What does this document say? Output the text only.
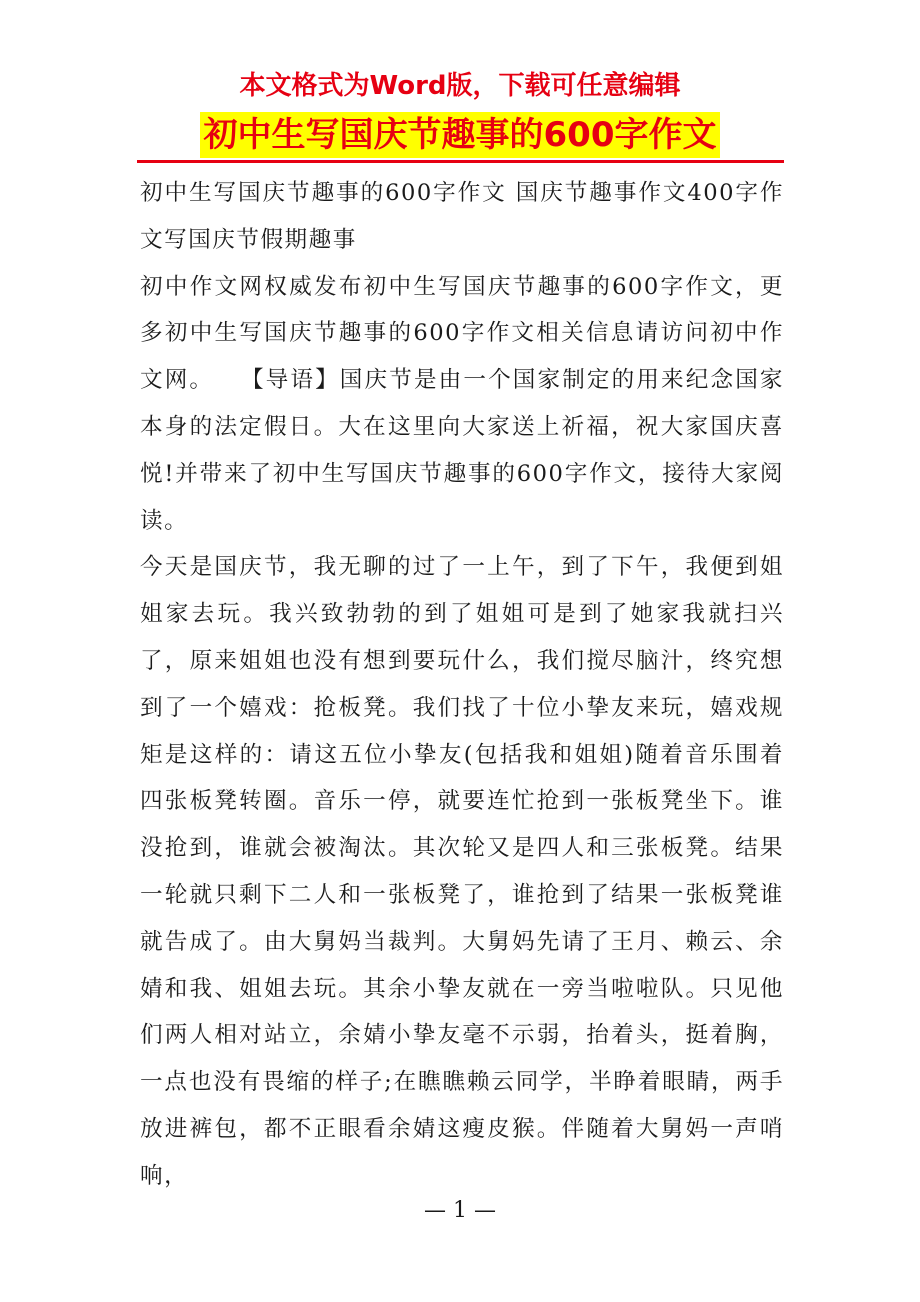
本文格式为Word版，下载可任意编辑

初中生写国庆节趣事的600字作文

初中生写国庆节趣事的600字作文 国庆节趣事作文400字作文写国庆节假期趣事

初中作文网权威发布初中生写国庆节趣事的600字作文，更多初中生写国庆节趣事的600字作文相关信息请访问初中作文网。　　【导语】国庆节是由一个国家制定的用来纪念国家本身的法定假日。大在这里向大家送上祈福，祝大家国庆喜悦!并带来了初中生写国庆节趣事的600字作文，接待大家阅读。

今天是国庆节，我无聊的过了一上午，到了下午，我便到姐姐家去玩。我兴致勃勃的到了姐姐可是到了她家我就扫兴了，原来姐姐也没有想到要玩什么，我们搅尽脑汁，终究想到了一个嬉戏：抢板凳。我们找了十位小挚友来玩，嬉戏规矩是这样的：请这五位小挚友(包括我和姐姐)随着音乐围着四张板凳转圈。音乐一停，就要连忙抢到一张板凳坐下。谁没抢到，谁就会被淘汰。其次轮又是四人和三张板凳。结果一轮就只剩下二人和一张板凳了，谁抢到了结果一张板凳谁就告成了。由大舅妈当裁判。大舅妈先请了王月、赖云、余婧和我、姐姐去玩。其余小挚友就在一旁当啦啦队。只见他们两人相对站立，余婧小挚友毫不示弱，抬着头，挺着胸，一点也没有畏缩的样子;在瞧瞧赖云同学，半睁着眼睛，两手放进裤包，都不正眼看余婧这瘦皮猴。伴随着大舅妈一声哨响，

— 1 —
